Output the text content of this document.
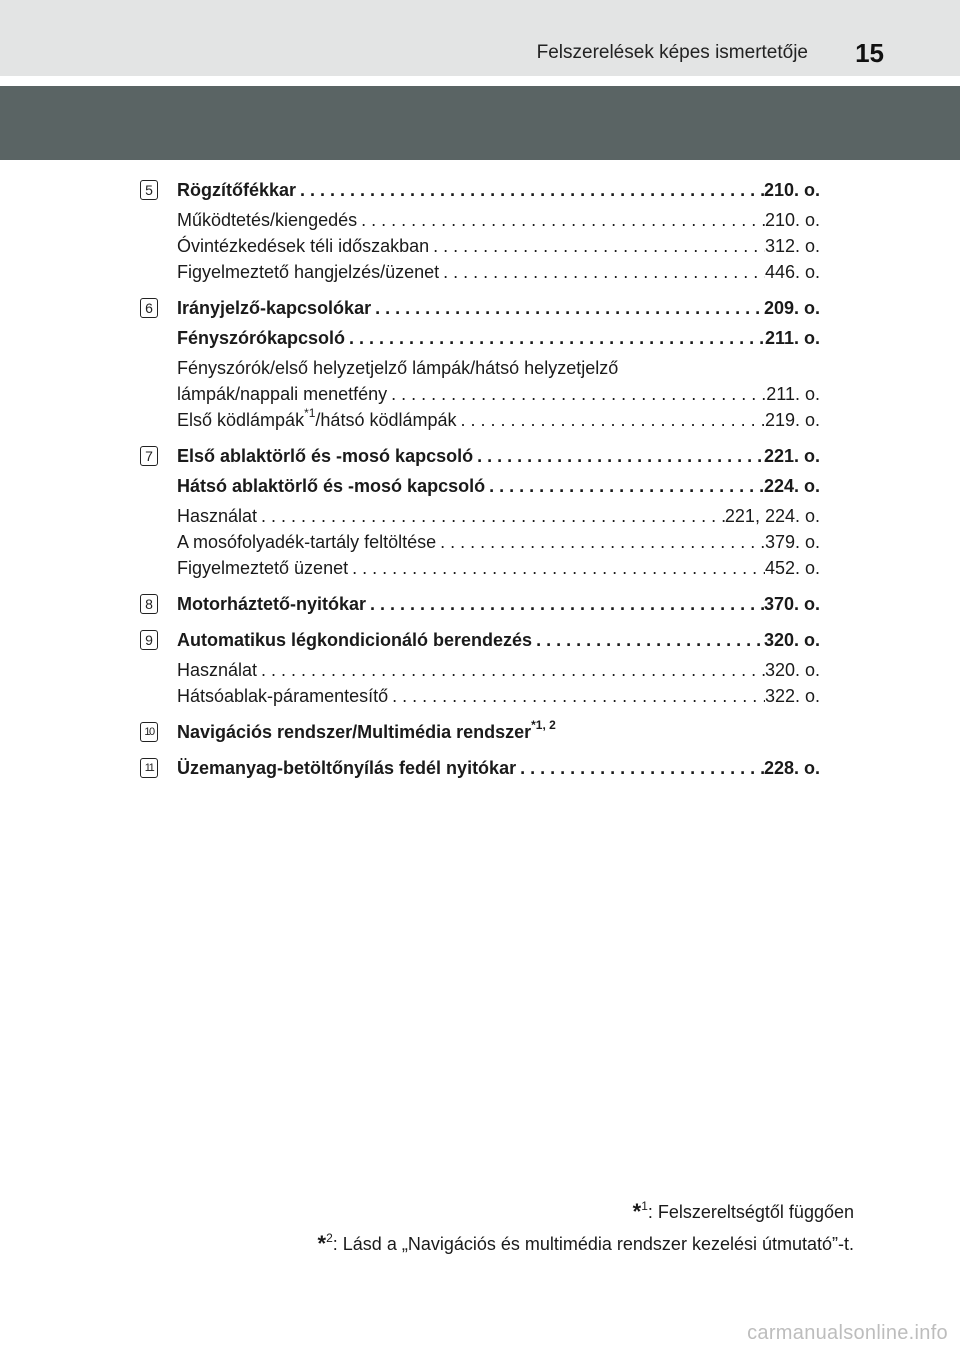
Felszerelések képes ismertetője 15
5 Rögzítőfékkar . . .	210. o.
Működtetés/kiengedés . . .	210. o.
Óvintézkedések téli időszakban . . .	312. o.
Figyelmeztető hangjelzés/üzenet . . .	446. o.
6 Irányjelző-kapcsolókar . . .	209. o.
Fényszórókapcsoló . . .	211. o.
Fényszórók/első helyzetjelző lámpák/hátsó helyzetjelző
lámpák/nappali menetfény . . .	211. o.
Első ködlámpák$^{*1}$/hátsó ködlámpák . . .	219. o.
7 Első ablaktörlő és -mosó kapcsoló . . .	221. o.
Hátsó ablaktörlő és -mosó kapcsoló . . .	224. o.
Használat . . .	221, 224. o.
A mosófolyadék-tartály feltöltése . . .	379. o.
Figyelmeztető üzenet . . .	452. o.
8 Motorháztető-nyitókar . . .	370. o.
9 Automatikus légkondicionáló berendezés . . .	320. o.
Használat . . .	320. o.
Hátsóablak-páramentesítő . . .	322. o.
10 Navigációs rendszer/Multimédia rendszer$^{*1, 2}$
11 Üzemanyag-betöltőnyílás fedél nyitókar . . .	228. o.
*$^1$: Felszereltségtől függően
*$^2$: Lásd a „Navigációs és multimédia rendszer kezelési útmutató”-t.
carmanualsonline.info
